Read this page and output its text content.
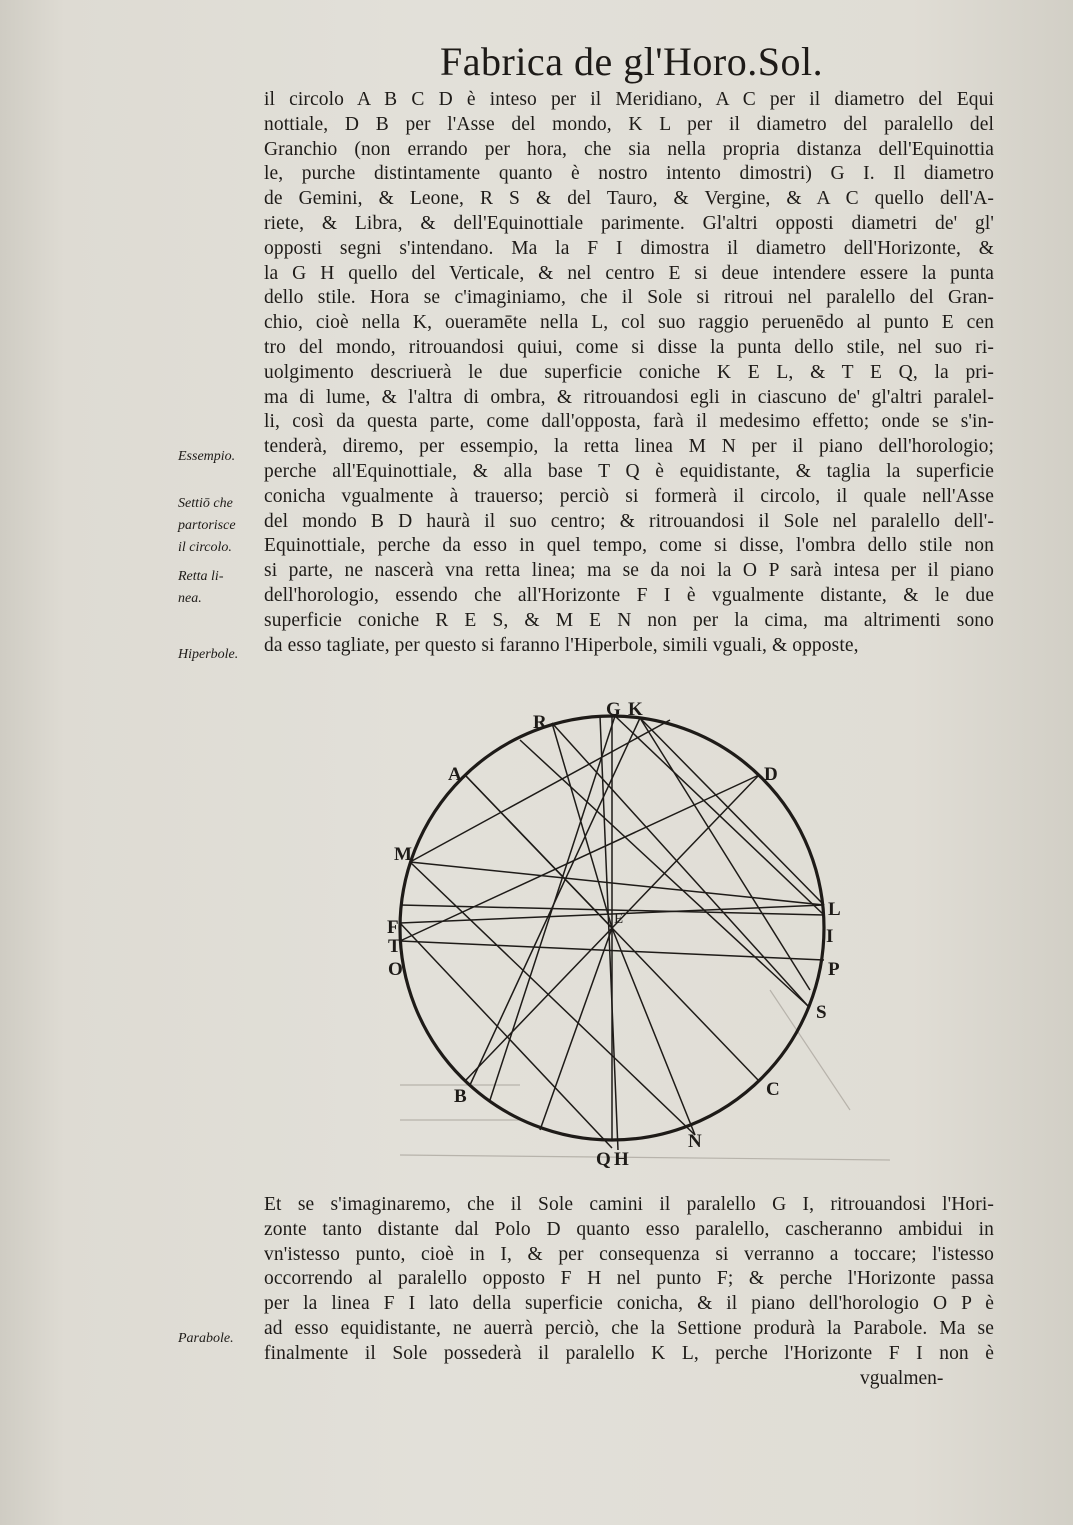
Fabrica de gl'Horo.Sol.
il circolo A B C D è inteso per il Meridiano, A C per il diametro del Equi
nottiale, D B per l'Asse del mondo, K L per il diametro del paralello del
Granchio (non errando per hora, che sia nella propria distanza dell'Equinottia
le, purche distintamente quanto è nostro intento dimostri) G I. Il diametro
de Gemini, & Leone, R S & del Tauro, & Vergine, & A C quello dell'A-
riete, & Libra, & dell'Equinottiale parimente. Gl'altri opposti diametri de' gl'
opposti segni s'intendano. Ma la F I dimostra il diametro dell'Horizonte, &
la G H quello del Verticale, & nel centro E si deue intendere essere la punta
dello stile. Hora se c'imaginiamo, che il Sole si ritroui nel paralello del Gran-
chio, cioè nella K, oueramēte nella L, col suo raggio peruenēdo al punto E cen
tro del mondo, ritrouandosi quiui, come si disse la punta dello stile, nel suo ri-
uolgimento descriuerà le due superficie coniche K E L, & T E Q, la pri-
ma di lume, & l'altra di ombra, & ritrouandosi egli in ciascuno de' gl'altri paralel-
li, così da questa parte, come dall'opposta, farà il medesimo effetto; onde se s'in-
tenderà, diremo, per essempio, la retta linea M N per il piano dell'horologio;
perche all'Equinottiale, & alla base T Q è equidistante, & taglia la superficie
conicha vgualmente à trauerso; perciò si formerà il circolo, il quale nell'Asse
del mondo B D haurà il suo centro; & ritrouandosi il Sole nel paralello dell'-
Equinottiale, perche da esso in quel tempo, come si disse, l'ombra dello stile non
si parte, ne nascerà vna retta linea; ma se da noi la O P sarà intesa per il piano
dell'horologio, essendo che all'Horizonte F I è vgualmente distante, & le due
superficie coniche R E S, & M E N non per la cima, ma altrimenti sono
da esso tagliate, per questo si faranno l'Hiperbole, simili vguali, & opposte,
Essempio.
Settiō che
partorisce
il circolo.
Retta li-
nea.
Hiperbole.
Parabole.
R
G K
A	D
M
E	L
F	I
T
O	P
S
C
B
N
Q H
Et se s'imaginaremo, che il Sole camini il paralello G I, ritrouandosi l'Hori-
zonte tanto distante dal Polo D quanto esso paralello, cascheranno ambidui in
vn'istesso punto, cioè in I, & per consequenza si verranno a toccare; l'istesso
occorrendo al paralello opposto F H nel punto F; & perche l'Horizonte passa
per la linea F I lato della superficie conicha, & il piano dell'horologio O P è
ad esso equidistante, ne auerrà perciò, che la Settione produrà la Parabole. Ma se
finalmente il Sole possederà il paralello K L, perche l'Horizonte F I non è
vgualmen-
